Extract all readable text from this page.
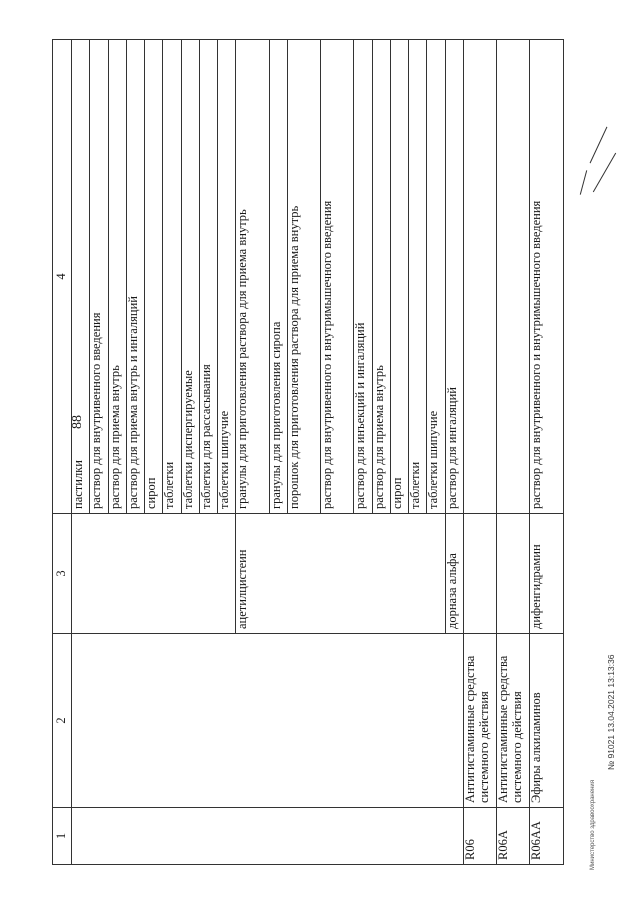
88
1	2	3	4
			пастилки
			раствор для внутривенного введения
			раствор для приема внутрь
			раствор для приема внутрь и ингаляций
			сироп
			таблетки
			таблетки диспергируемые
			таблетки для рассасывания
			таблетки шипучие
		ацетилцистеин	гранулы для приготовления раствора для приема внутрь
			гранулы для приготовления сиропа
			порошок для приготовления раствора для приема внутрь
			раствор для внутривенного и внутримышечного введения
			раствор для инъекций и ингаляций
			раствор для приема внутрь
			сироп
			таблетки
			таблетки шипучие
		дорназа альфа	раствор для ингаляций
R06	Антигистаминные средства системного действия		
R06A	Антигистаминные средства системного действия		
R06AA	Эфиры алкиламинов	дифенгидрамин	раствор для внутривенного и внутримышечного введения
№ 91021 13.04.2021 13:13:36
Министерство здравоохранения
